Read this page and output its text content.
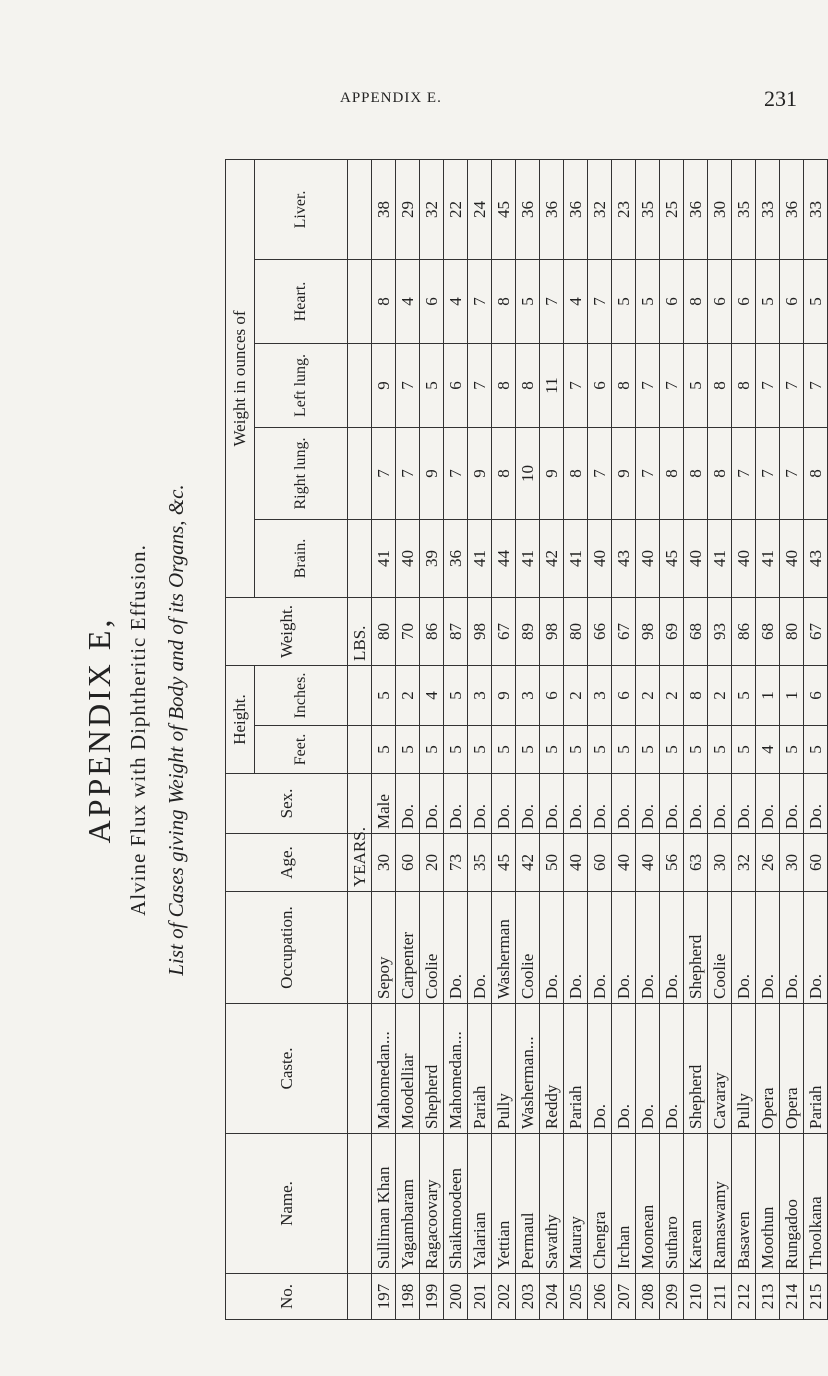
APPENDIX E.	231
APPENDIX E, Alvine Flux with Diphtheritic Effusion. List of Cases giving Weight of Body and of its Organs, &c.
No.	Name.	Caste.	Occupation.	Age.	Sex.	Height.		Weight.	Weight in ounces of				
						Feet.	Inches.		Brain.	Right lung.	Left lung.	Heart.	Liver.
				YEARS.				LBS.					
197	Sulliman Khan	Mahomedan...	Sepoy	30	Male	5	5	80	41	7	9	8	38
198	Yagambaram	Moodelliar	Carpenter	60	Do.	5	2	70	40	7	7	4	29
199	Ragacoovary	Shepherd	Coolie	20	Do.	5	4	86	39	9	5	6	32
200	Shaikmoodeen	Mahomedan...	Do.	73	Do.	5	5	87	36	7	6	4	22
201	Yalarian	Pariah	Do.	35	Do.	5	3	98	41	9	7	7	24
202	Yettian	Pully	Washerman	45	Do.	5	9	67	44	8	8	8	45
203	Permaul	Washerman...	Coolie	42	Do.	5	3	89	41	10	8	5	36
204	Savathy	Reddy	Do.	50	Do.	5	6	98	42	9	11	7	36
205	Mauray	Pariah	Do.	40	Do.	5	2	80	41	8	7	4	36
206	Chengra	Do.	Do.	60	Do.	5	3	66	40	7	6	7	32
207	Irchan	Do.	Do.	40	Do.	5	6	67	43	9	8	5	23
208	Moonean	Do.	Do.	40	Do.	5	2	98	40	7	7	5	35
209	Sutharo	Do.	Do.	56	Do.	5	2	69	45	8	7	6	25
210	Karean	Shepherd	Shepherd	63	Do.	5	8	68	40	8	5	8	36
211	Ramaswamy	Cavaray	Coolie	30	Do.	5	2	93	41	8	8	6	30
212	Basaven	Pully	Do.	32	Do.	5	5	86	40	7	8	6	35
213	Moothun	Opera	Do.	26	Do.	4	1	68	41	7	7	5	33
214	Rungadoo	Opera	Do.	30	Do.	5	1	80	40	7	7	6	36
215	Thoolkana	Pariah	Do.	60	Do.	5	6	67	43	8	7	5	33
